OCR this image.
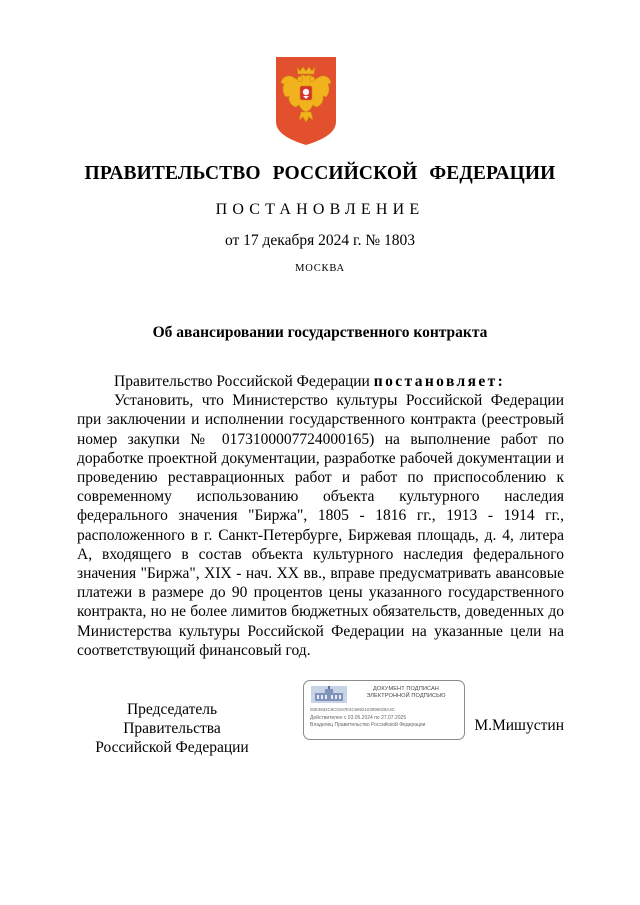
ПРАВИТЕЛЬСТВО РОССИЙСКОЙ ФЕДЕРАЦИИ
ПОСТАНОВЛЕНИЕ
от 17 декабря 2024 г. № 1803
МОСКВА
Об авансировании государственного контракта

Правительство Российской Федерации постановляет:

Установить, что Министерство культуры Российской Федерации при заключении и исполнении государственного контракта (реестровый номер закупки № 0173100007724000165) на выполнение работ по доработке проектной документации, разработке рабочей документации и проведению реставрационных работ и работ по приспособлению к современному использованию объекта культурного наследия федерального значения "Биржа", 1805 - 1816 гг., 1913 - 1914 гг., расположенного в г. Санкт-Петербурге, Биржевая площадь, д. 4, литера А, входящего в состав объекта культурного наследия федерального значения "Биржа", XIX - нач. XX вв., вправе предусматривать авансовые платежи в размере до 90 процентов цены указанного государственного контракта, но не более лимитов бюджетных обязательств, доведенных до Министерства культуры Российской Федерации на указанные цели на соответствующий финансовый год.

Председатель Правительства
Российской Федерации
ДОКУМЕНТ ПОДПИСАН
ЭЛЕКТРОННОЙ ПОДПИСЬЮ
00E3832C6C0197E4C6692103096028A4C
Действителен с 03.05.2024 по 27.07.2025
Владелец Правительство Российской Федерации	М.Мишустин
